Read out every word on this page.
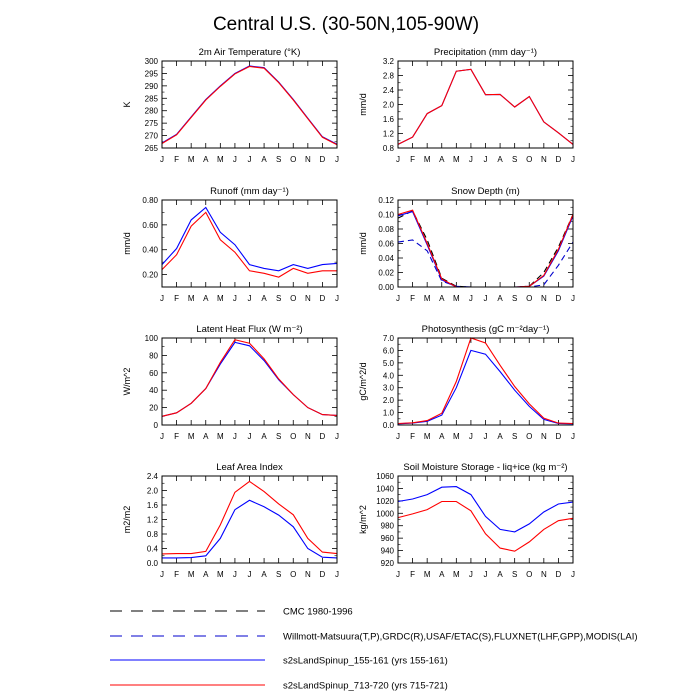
Central U.S. (30-50N,105-90W)
2m Air Temperature (°K)
K
265
270
275
280
285
290
295
300
J F M A M J J A S O N D J
Precipitation (mm day⁻¹)
mm/d
0.8
1.2
1.6
2.0
2.4
2.8
3.2
J F M A M J J A S O N D J
Runoff (mm day⁻¹)
mm/d
0.20
0.40
0.60
0.80
J F M A M J J A S O N D J
Snow Depth (m)
mm/d
0.00
0.02
0.04
0.06
0.08
0.10
0.12
J F M A M J J A S O N D J
Latent Heat Flux (W m⁻²)
W/m^2
0
20
40
60
80
100
J F M A M J J A S O N D J
Photosynthesis (gC m⁻²day⁻¹)
gC/m^2/d
0.0
1.0
2.0
3.0
4.0
5.0
6.0
7.0
J F M A M J J A S O N D J
Leaf Area Index
m2/m2
0.0
0.4
0.8
1.2
1.6
2.0
2.4
J F M A M J J A S O N D J
Soil Moisture Storage - liq+ice (kg m⁻²)
kg/m^2
920
940
960
980
1000
1020
1040
1060
J F M A M J J A S O N D J
CMC 1980-1996
Willmott-Matsuura(T,P),GRDC(R),USAF/ETAC(S),FLUXNET(LHF,GPP),MODIS(LAI)
s2sLandSpinup_155-161 (yrs 155-161)
s2sLandSpinup_713-720 (yrs 715-721)
